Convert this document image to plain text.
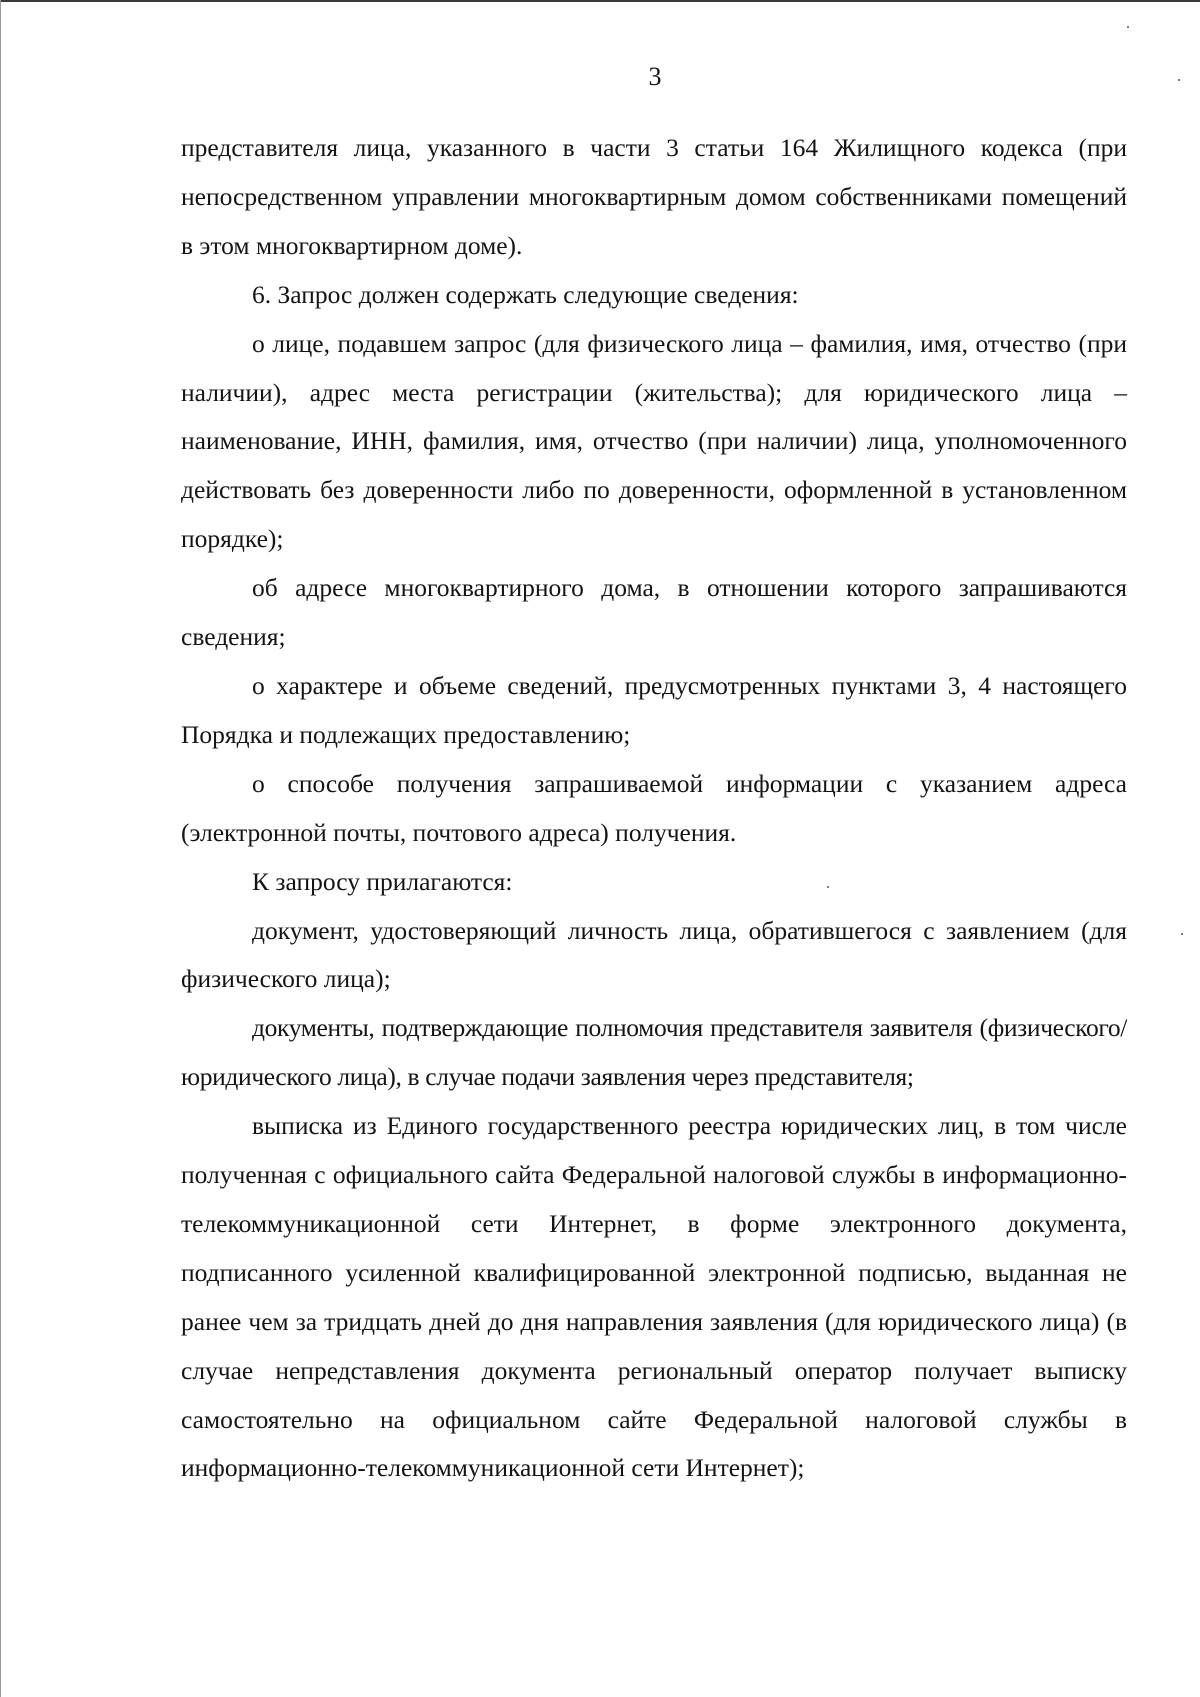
3

представителя лица, указанного в части 3 статьи 164 Жилищного кодекса (при непосредственном управлении многоквартирным домом собственниками помещений в этом многоквартирном доме).

6. Запрос должен содержать следующие сведения:

о лице, подавшем запрос (для физического лица – фамилия, имя, отчество (при наличии), адрес места регистрации (жительства); для юридического лица – наименование, ИНН, фамилия, имя, отчество (при наличии) лица, уполномоченного действовать без доверенности либо по доверенности, оформленной в установленном порядке);

об адресе многоквартирного дома, в отношении которого запрашиваются сведения;

о характере и объеме сведений, предусмотренных пунктами 3, 4 настоящего Порядка и подлежащих предоставлению;

о способе получения запрашиваемой информации с указанием адреса (электронной почты, почтового адреса) получения.

К запросу прилагаются:

документ, удостоверяющий личность лица, обратившегося с заявлением (для физического лица);

документы, подтверждающие полномочия представителя заявителя (физического/юридического лица), в случае подачи заявления через представителя;

выписка из Единого государственного реестра юридических лиц, в том числе полученная с официального сайта Федеральной налоговой службы в информационно-телекоммуникационной сети Интернет, в форме электронного документа, подписанного усиленной квалифицированной электронной подписью, выданная не ранее чем за тридцать дней до дня направления заявления (для юридического лица) (в случае непредставления документа региональный оператор получает выписку самостоятельно на официальном сайте Федеральной налоговой службы в информационно-телекоммуникационной сети Интернет);
